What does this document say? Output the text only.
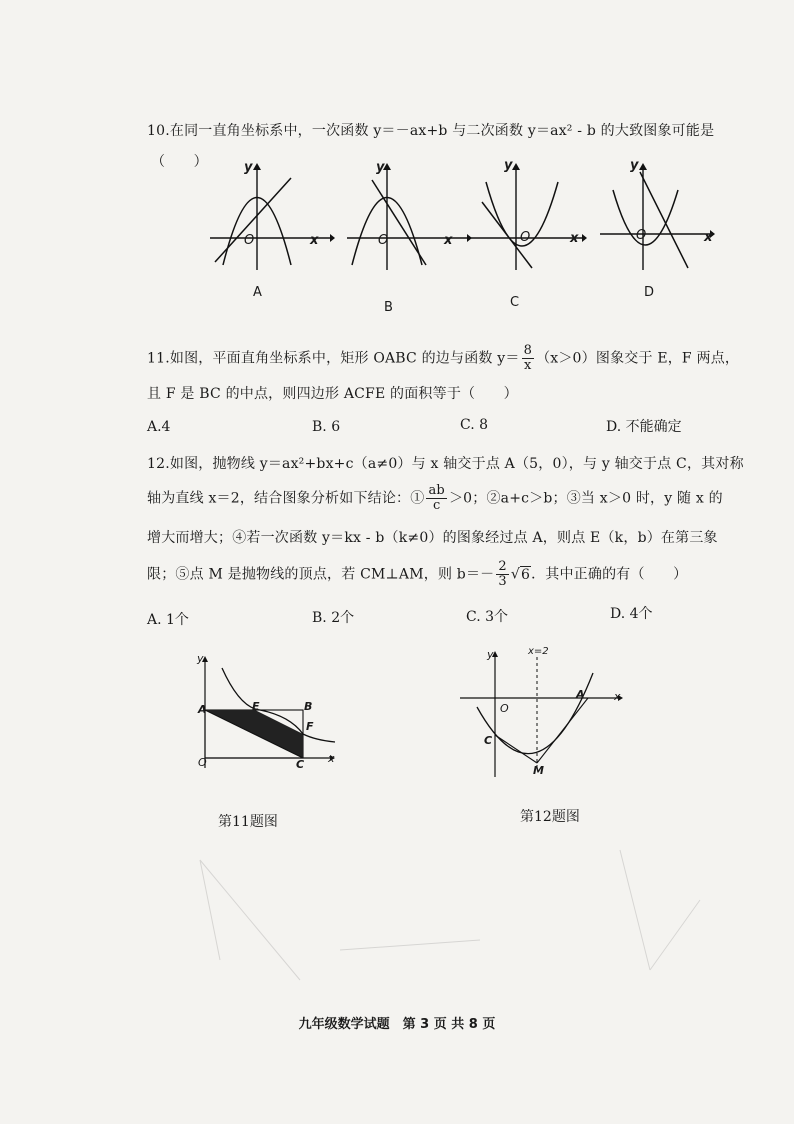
10.在同一直角坐标系中，一次函数 y＝－ax+b 与二次函数 y＝ax² - b 的大致图象可能是
（　　）	y
x
O
A
y
x
O
B
y
x
O
C
y
x
O
D
11.如图，平面直角坐标系中，矩形 OABC 的边与函数 $y= \frac{8}{x} (x>0)$图象交于 E，F 两点，
且 F 是 BC 的中点，则四边形 ACFE 的面积等于（　　）
A.4	B. 6	C. 8	D. 不能确定
12.如图，抛物线 y＝ax²+bx+c（a≠0）与 x 轴交于点 A（5，0），与 y 轴交于点 C，其对称
轴为直线 x＝2，结合图象分析如下结论：① $\frac{ab}{c} >0$；②a+c＞b；③当 x＞0 时，y 随 x 的
增大而增大；④若一次函数 y＝kx - b（k≠0）的图象经过点 A，则点 E（k，b）在第三象
限；⑤点 M 是抛物线的顶点，若 CM⊥AM，则 $b=- \frac{2}{3} √6$．其中正确的有（　　）
A. 1个	B. 2个	C. 3个	D. 4个
y
A	E	B
F
C
O	x
第11题图
y	x=2
A	x
O
C
M
第12题图
九年级数学试题　第 3 页 共 8 页
